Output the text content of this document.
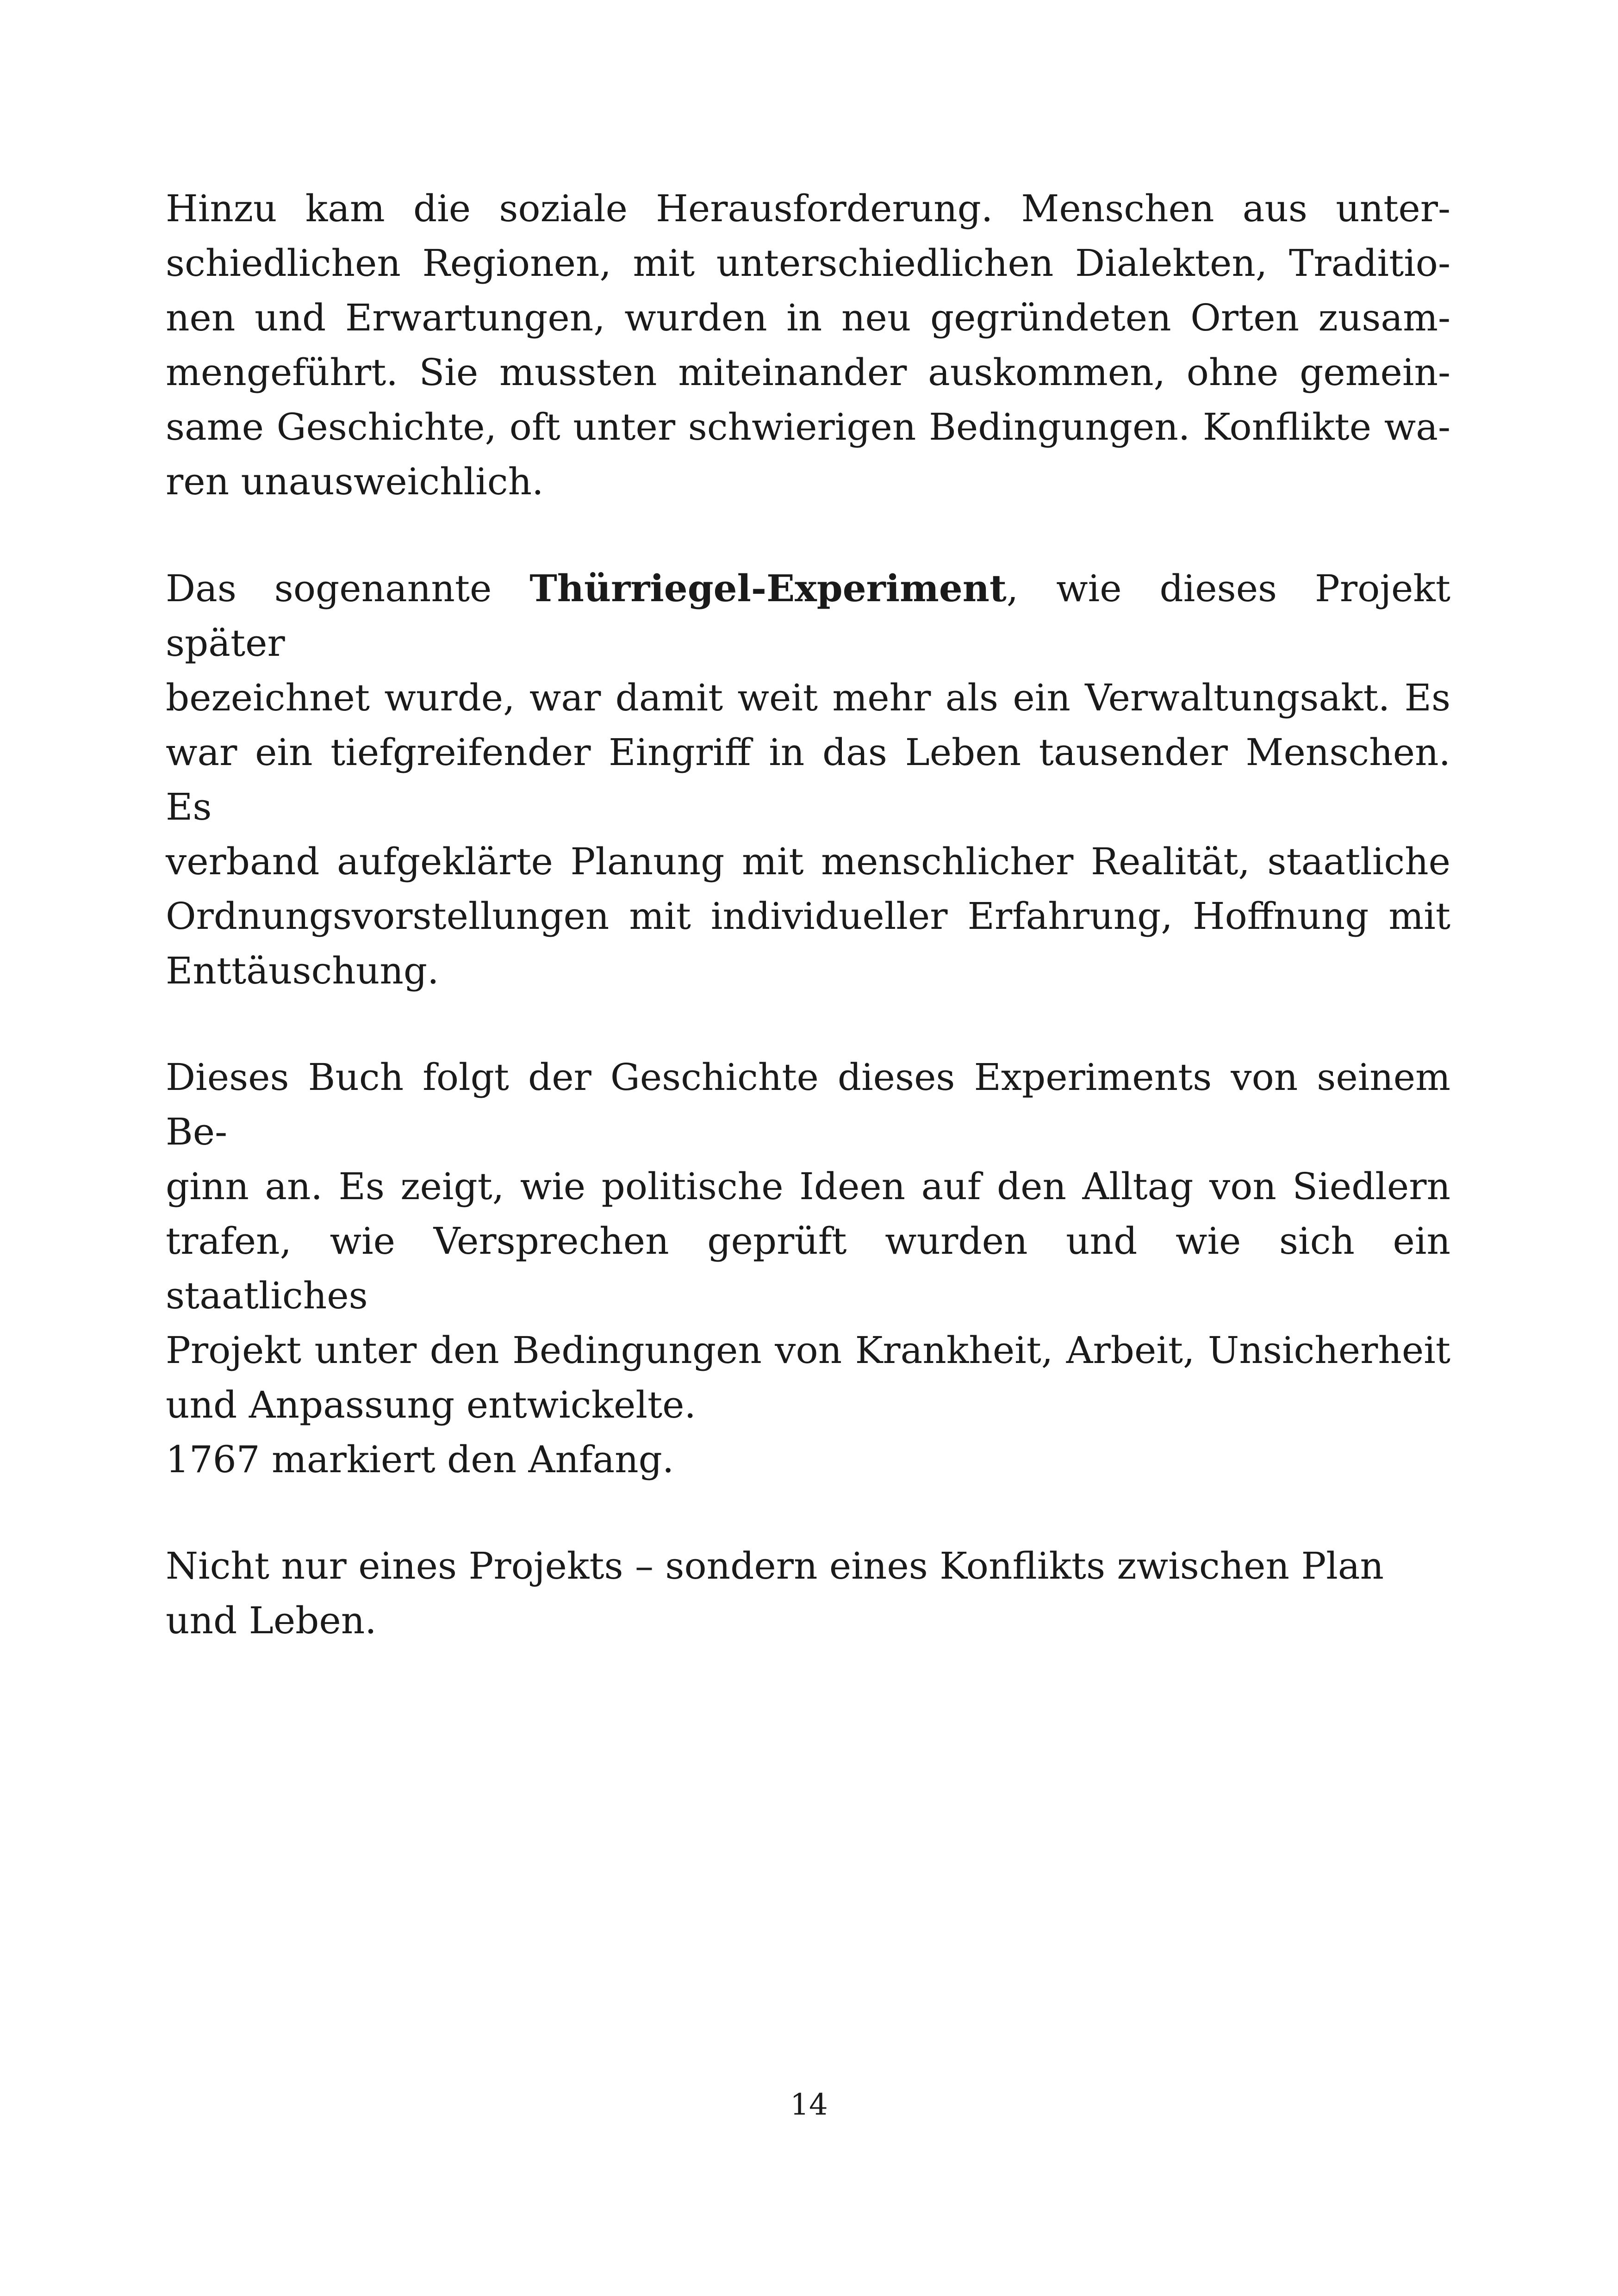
Hinzu kam die soziale Herausforderung. Menschen aus unter-
schiedlichen Regionen, mit unterschiedlichen Dialekten, Traditio-
nen und Erwartungen, wurden in neu gegründeten Orten zusam-
mengeführt. Sie mussten miteinander auskommen, ohne gemein-
same Geschichte, oft unter schwierigen Bedingungen. Konflikte wa-
ren unausweichlich.

Das sogenannte Thürriegel-Experiment, wie dieses Projekt später
bezeichnet wurde, war damit weit mehr als ein Verwaltungsakt. Es
war ein tiefgreifender Eingriff in das Leben tausender Menschen. Es
verband aufgeklärte Planung mit menschlicher Realität, staatliche
Ordnungsvorstellungen mit individueller Erfahrung, Hoffnung mit
Enttäuschung.

Dieses Buch folgt der Geschichte dieses Experiments von seinem Be-
ginn an. Es zeigt, wie politische Ideen auf den Alltag von Siedlern
trafen, wie Versprechen geprüft wurden und wie sich ein staatliches
Projekt unter den Bedingungen von Krankheit, Arbeit, Unsicherheit
und Anpassung entwickelte.
1767 markiert den Anfang.

Nicht nur eines Projekts – sondern eines Konflikts zwischen Plan
und Leben.

14
